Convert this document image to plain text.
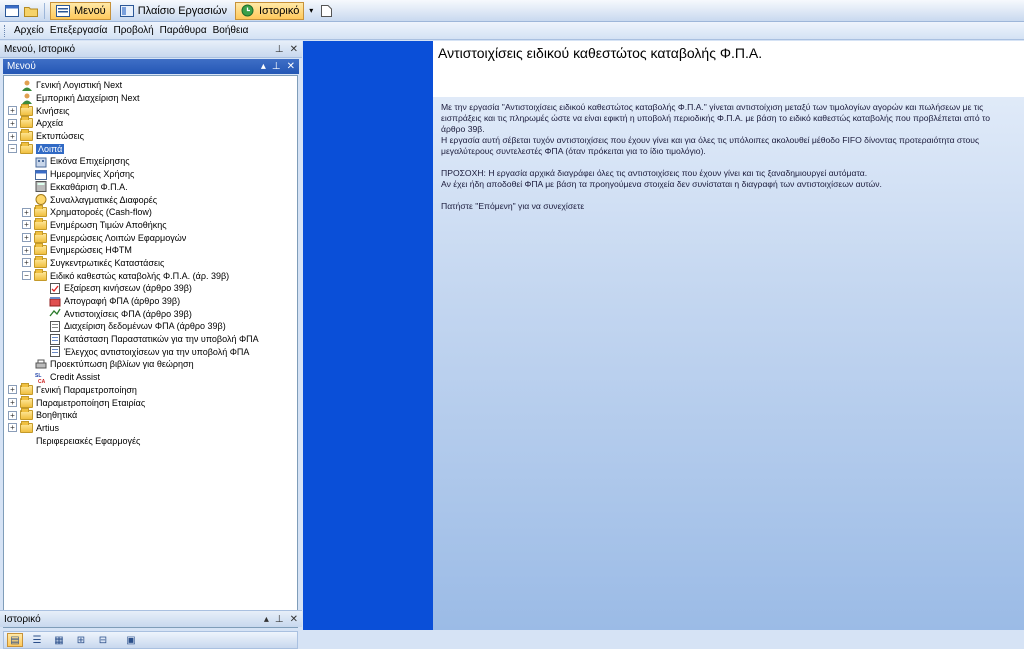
Μενού	Πλαίσιο Εργασιών	Ιστορικό ▾
Αρχείο Επεξεργασία Προβολή Παράθυρα Βοήθεια
Μενού, Ιστορικό	⊥ ✕
Μενού	▴ ⊥ ✕
Γενική Λογιστική Next
Εμπορική Διαχείριση Next
+ Κινήσεις
+ Αρχεία
+ Εκτυπώσεις
−	Λοιπά
Εικόνα Επιχείρησης
Ημερομηνίες Χρήσης
Εκκαθάριση Φ.Π.Α.
Συναλλαγματικές Διαφορές
+ Χρηματοροές (Cash-flow)
+ Ενημέρωση Τιμών Αποθήκης
+ Ενημερώσεις Λοιπών Εφαρμογών
+ Ενημερώσεις ΗΦΤΜ
+ Συγκεντρωτικές Καταστάσεις
− Ειδικό καθεστώς καταβολής Φ.Π.Α. (άρ. 39β)
Εξαίρεση κινήσεων (άρθρο 39β)
Απογραφή ΦΠΑ (άρθρο 39β)
Αντιστοιχίσεις ΦΠΑ (άρθρο 39β)
Διαχείριση δεδομένων ΦΠΑ (άρθρο 39β)
Κατάσταση Παραστατικών για την υποβολή ΦΠΑ
Έλεγχος αντιστοιχίσεων για την υποβολή ΦΠΑ
Προεκτύπωση βιβλίων για θεώρηση
SL
CA Credit Assist
+ Γενική Παραμετροποίηση
+ Παραμετροποίηση Εταιρίας
+ Βοηθητικά
+ Artius
Περιφερειακές Εφαρμογές
▤	☰	▦	⊞	⊟	▣
Ιστορικό	▴ ⊥ ✕
Αντιστοιχίσεις ειδικού καθεστώτος καταβολής Φ.Π.Α.

Με την εργασία "Αντιστοιχίσεις ειδικού καθεστώτος καταβολής Φ.Π.Α." γίνεται αντιστοίχιση μεταξύ των τιμολογίων αγορών και πωλήσεων με τις εισπράξεις και τις πληρωμές ώστε να είναι εφικτή η υποβολή περιοδικής Φ.Π.Α. με βάση το ειδικό καθεστώς καταβολής που προβλέπεται από το άρθρο 39β.

Η εργασία αυτή σέβεται τυχόν αντιστοιχίσεις που έχουν γίνει και για όλες τις υπόλοιπες ακολουθεί μέθοδο FIFO δίνοντας προτεραιότητα στους μεγαλύτερους συντελεστές ΦΠΑ (όταν πρόκειται για το ίδιο τιμολόγιο).

ΠΡΟΣΟΧΗ: Η εργασία αρχικά διαγράφει όλες τις αντιστοιχίσεις που έχουν γίνει και τις ξαναδημιουργεί αυτόματα.

Αν έχει ήδη αποδοθεί ΦΠΑ με βάση τα προηγούμενα στοιχεία δεν συνίσταται η διαγραφή των αντιστοιχίσεων αυτών.

Πατήστε "Επόμενη" για να συνεχίσετε
